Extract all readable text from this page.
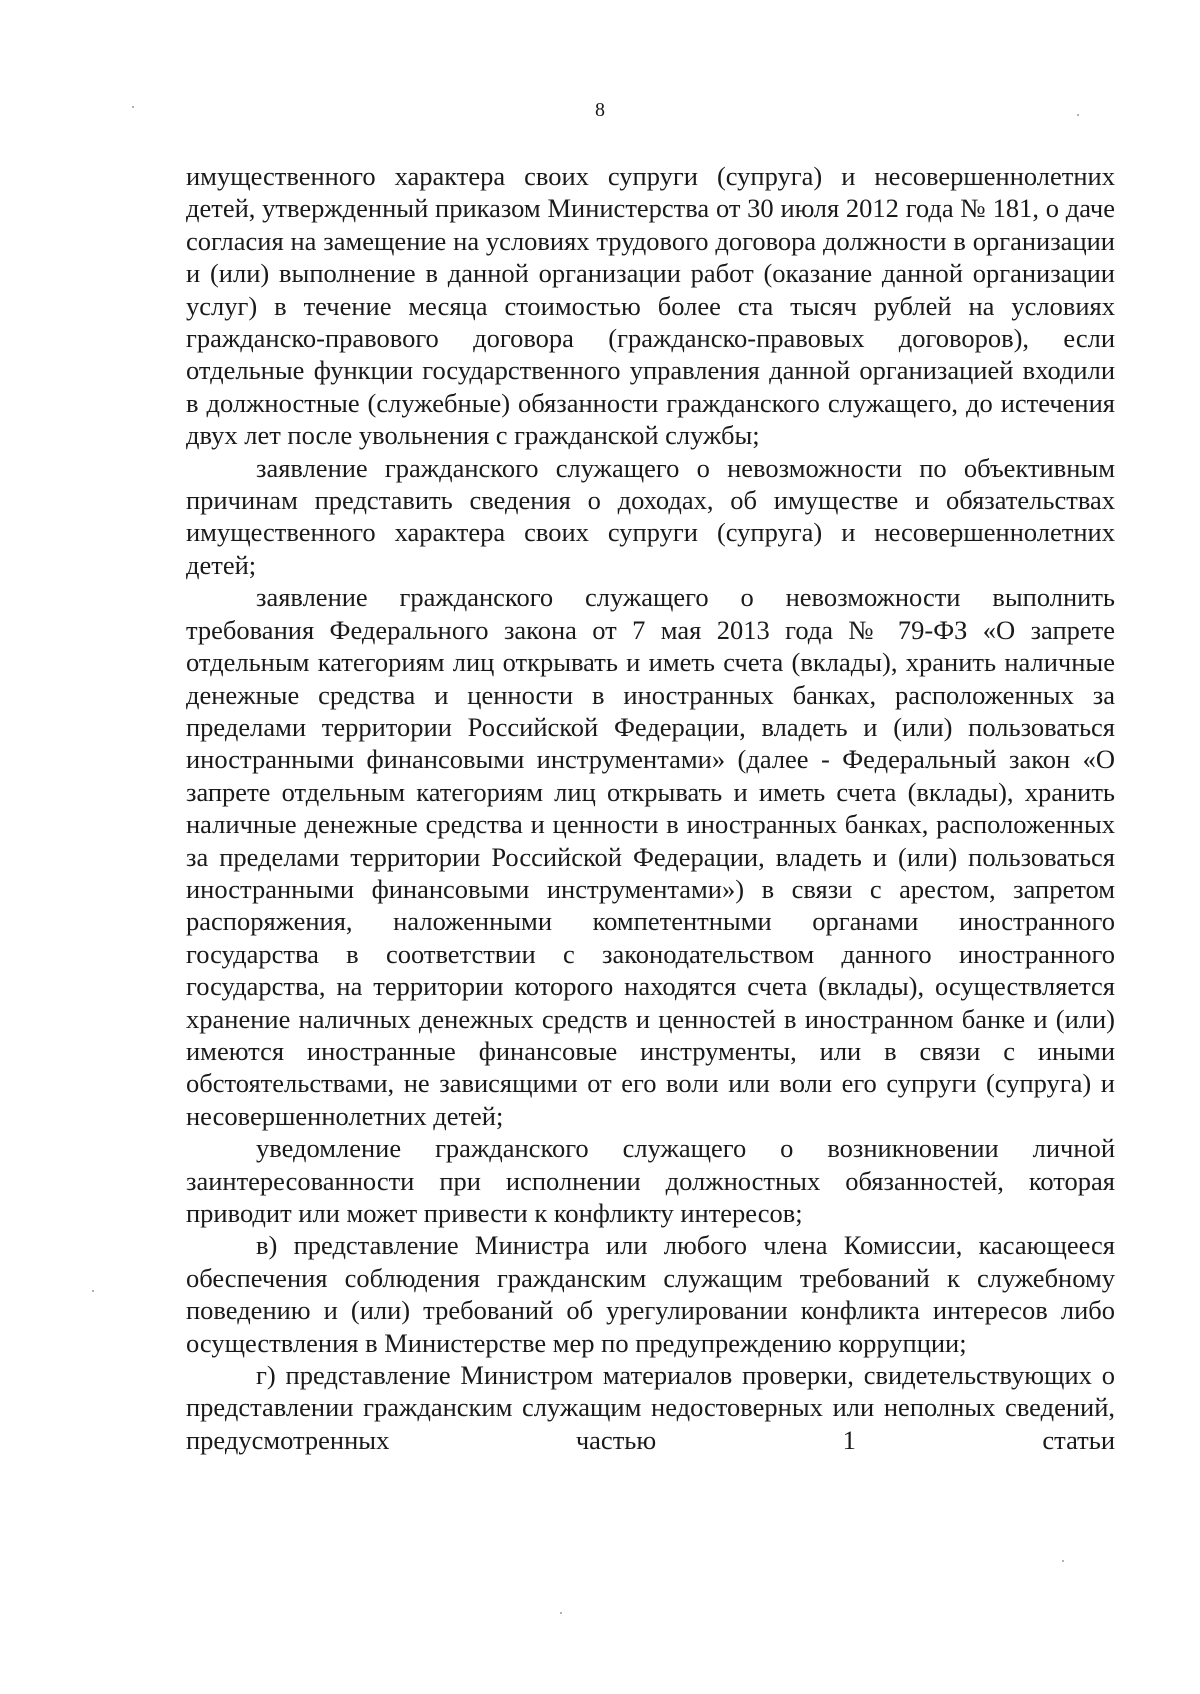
8

имущественного характера своих супруги (супруга) и несовершеннолетних детей, утвержденный приказом Министерства от 30 июля 2012 года № 181, о даче согласия на замещение на условиях трудового договора должности в организации и (или) выполнение в данной организации работ (оказание данной организации услуг) в течение месяца стоимостью более ста тысяч рублей на условиях гражданско-правового договора (гражданско-правовых договоров), если отдельные функции государственного управления данной организацией входили в должностные (служебные) обязанности гражданского служащего, до истечения двух лет после увольнения с гражданской службы;

заявление гражданского служащего о невозможности по объективным причинам представить сведения о доходах, об имуществе и обязательствах имущественного характера своих супруги (супруга) и несовершеннолетних детей;

заявление гражданского служащего о невозможности выполнить требования Федерального закона от 7 мая 2013 года № 79-ФЗ «О запрете отдельным категориям лиц открывать и иметь счета (вклады), хранить наличные денежные средства и ценности в иностранных банках, расположенных за пределами территории Российской Федерации, владеть и (или) пользоваться иностранными финансовыми инструментами» (далее - Федеральный закон «О запрете отдельным категориям лиц открывать и иметь счета (вклады), хранить наличные денежные средства и ценности в иностранных банках, расположенных за пределами территории Российской Федерации, владеть и (или) пользоваться иностранными финансовыми инструментами») в связи с арестом, запретом распоряжения, наложенными компетентными органами иностранного государства в соответствии с законодательством данного иностранного государства, на территории которого находятся счета (вклады), осуществляется хранение наличных денежных средств и ценностей в иностранном банке и (или) имеются иностранные финансовые инструменты, или в связи с иными обстоятельствами, не зависящими от его воли или воли его супруги (супруга) и несовершеннолетних детей;

уведомление гражданского служащего о возникновении личной заинтересованности при исполнении должностных обязанностей, которая приводит или может привести к конфликту интересов;

в) представление Министра или любого члена Комиссии, касающееся обеспечения соблюдения гражданским служащим требований к служебному поведению и (или) требований об урегулировании конфликта интересов либо осуществления в Министерстве мер по предупреждению коррупции;

г) представление Министром материалов проверки, свидетельствующих о представлении гражданским служащим недостоверных или неполных сведений, предусмотренных частью 1 статьи
